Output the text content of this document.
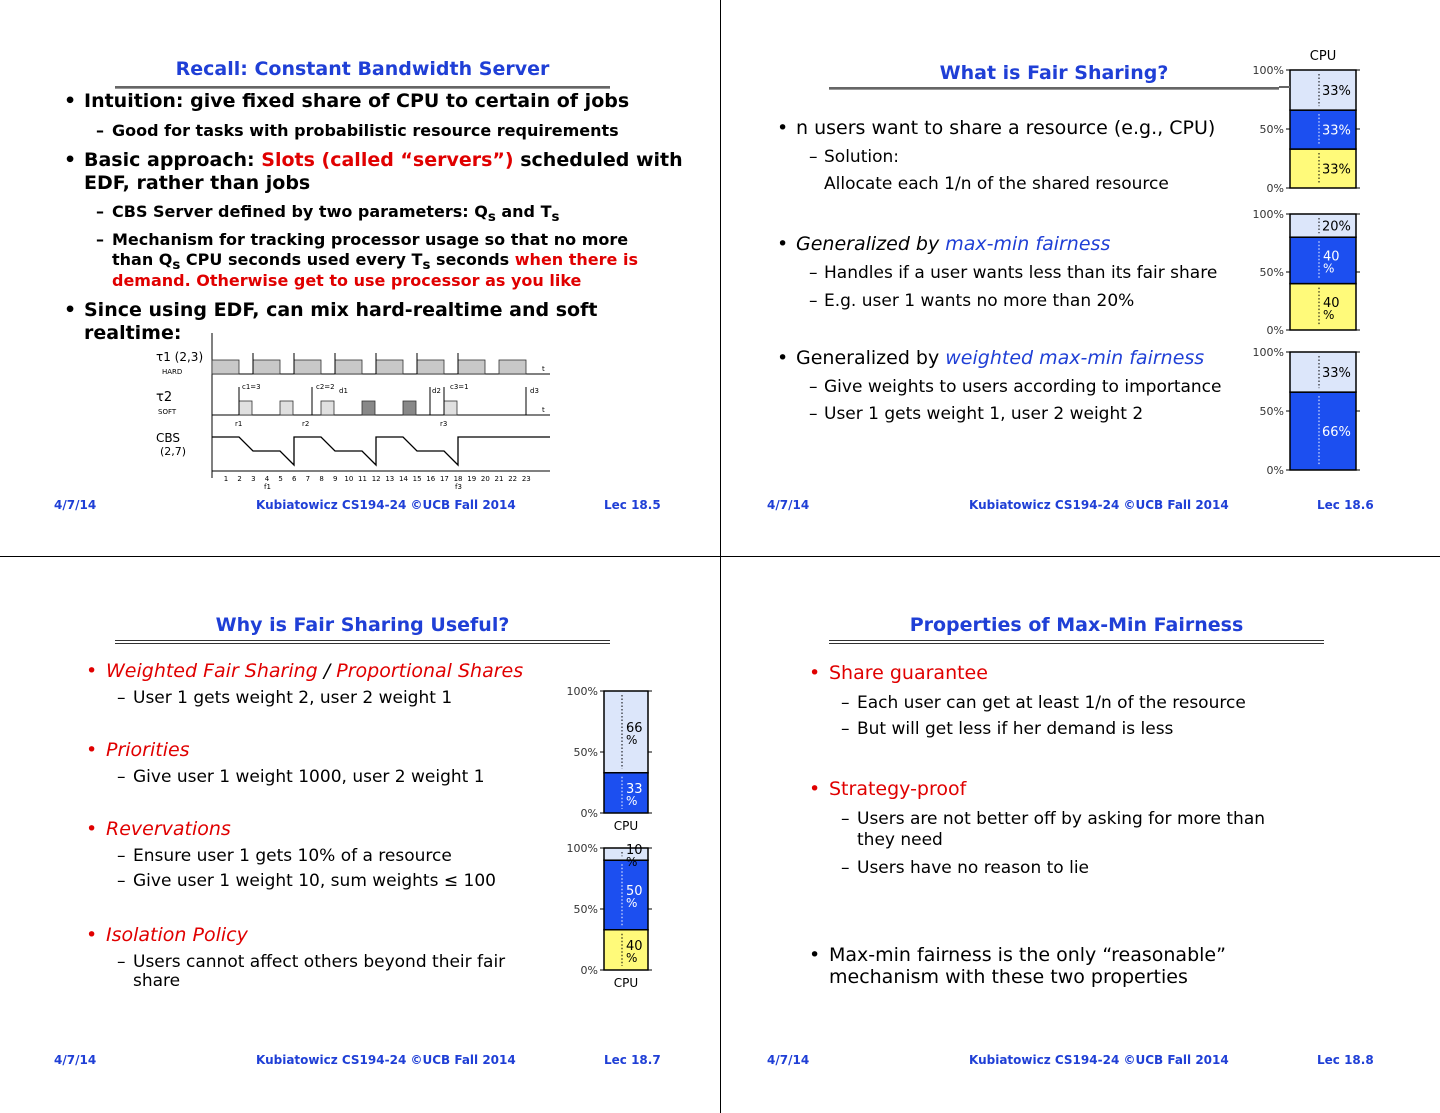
Recall: Constant Bandwidth Server
• Intuition: give fixed share of CPU to certain of jobs
– Good for tasks with probabilistic resource requirements
• Basic approach: Slots (called “servers”) scheduled with
EDF, rather than jobs
– CBS Server defined by two parameters: $Q_s$ and $T_s$
– Mechanism for tracking processor usage so that no more
than $Q_s$ CPU seconds used every $T_s$ seconds when there is
demand. Otherwise get to use processor as you like
• Since using EDF, can mix hard-realtime and soft
realtime:
τ1 (2,3)
HARD
τ2
SOFT
CBS
(2,7)
c1=3	c2=2 d1	d2 c3=1	d3
r1	r2	r3
t
t
f1	f3
1 2 3 4 5 6 7 8 9 10 11 12 13 14 15 16 17 18 19 20 21 22 23
4/7/14	Kubiatowicz CS194-24 ©UCB Fall 2014	Lec 18.5
What is Fair Sharing?
• n users want to share a resource (e.g., CPU)
– Solution:
Allocate each 1/n of the shared resource
• Generalized by max-min fairness
– Handles if a user wants less than its fair share
– E.g. user 1 wants no more than 20%
• Generalized by weighted max-min fairness
– Give weights to users according to importance
– User 1 gets weight 1, user 2 weight 2
4/7/14	Kubiatowicz CS194-24 ©UCB Fall 2014	Lec 18.6
Why is Fair Sharing Useful?
• Weighted Fair Sharing / Proportional Shares
– User 1 gets weight 2, user 2 weight 1
• Priorities
– Give user 1 weight 1000, user 2 weight 1
• Revervations
– Ensure user 1 gets 10% of a resource
– Give user 1 weight 10, sum weights ≤ 100
• Isolation Policy
– Users cannot affect others beyond their fair
share
4/7/14	Kubiatowicz CS194-24 ©UCB Fall 2014	Lec 18.7
Properties of Max-Min Fairness
• Share guarantee
– Each user can get at least 1/n of the resource
– But will get less if her demand is less
• Strategy-proof
– Users are not better off by asking for more than
they need
– Users have no reason to lie
• Max-min fairness is the only “reasonable”
mechanism with these two properties
4/7/14	Kubiatowicz CS194-24 ©UCB Fall 2014	Lec 18.8
0%
50%
100%
33%
33%
33%
CPU
0%
50%
100%
40
%
40
%
20%
0%
50%
100%
66%
33%
0%
50%
100%
33
%
66
%
CPU
0%
50%
100%
40
%
50
%
10
%
CPU
